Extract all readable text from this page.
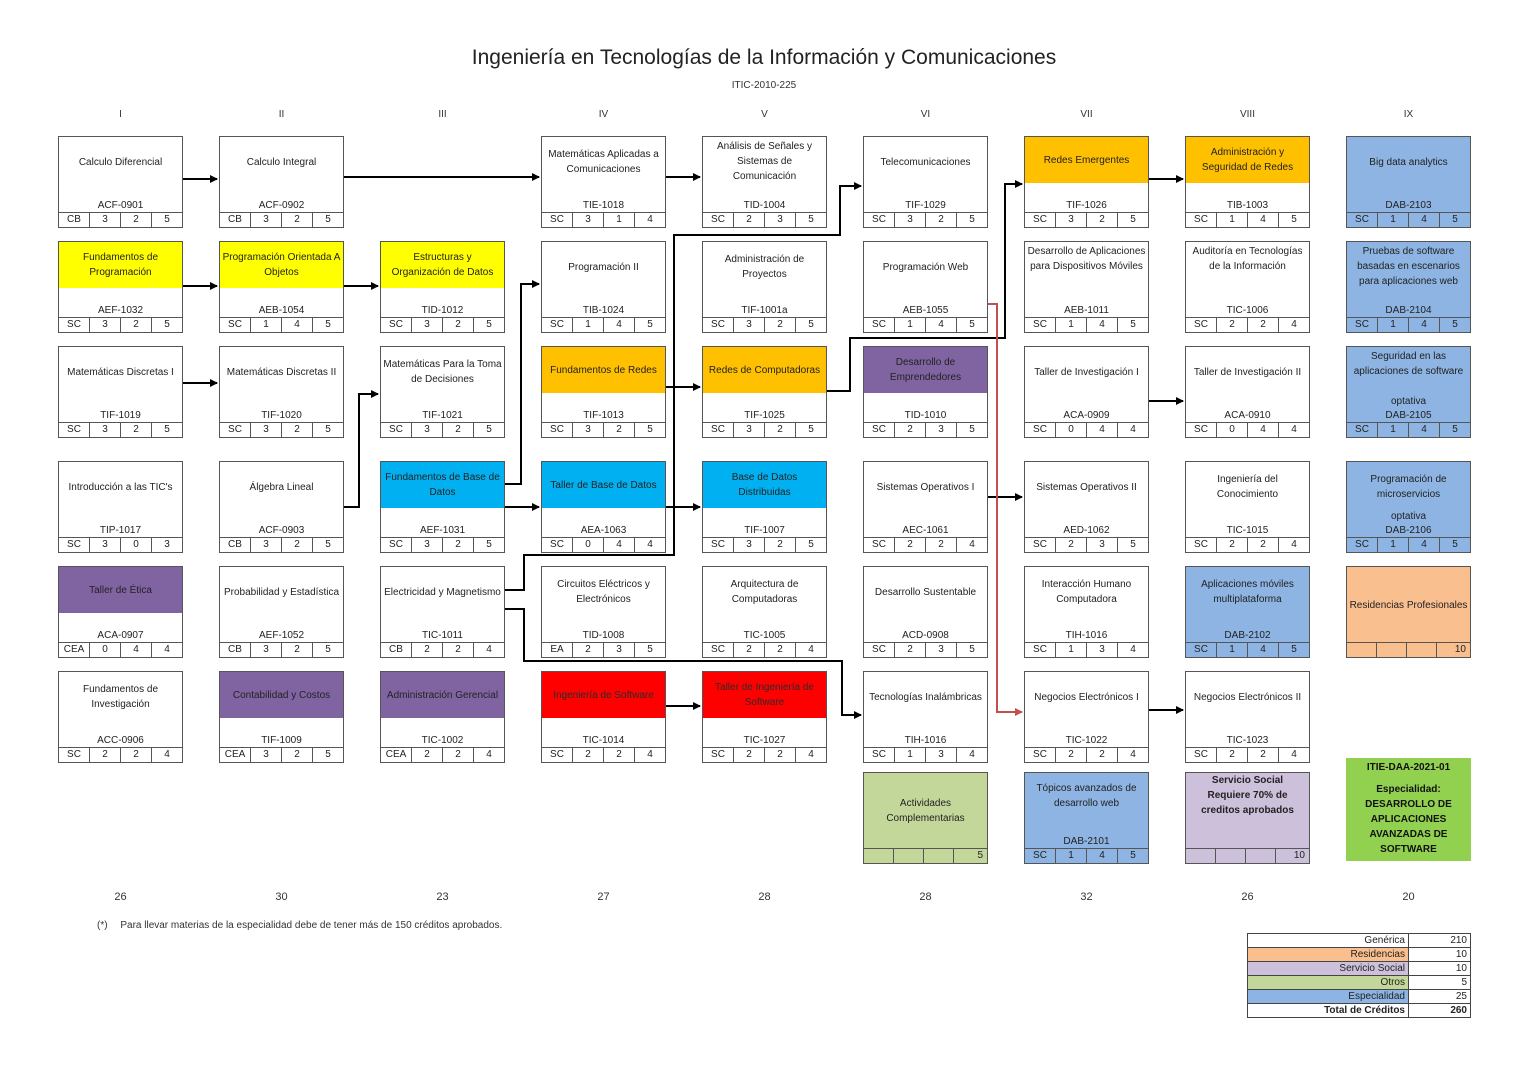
Ingeniería en Tecnologías de la Información y Comunicaciones
ITIC-2010-225
I	II	III	IV	V	VI	VII	VIII	IX
26	30	23	27	28	28	32	26	20
Calculo Diferencial
ACF-0901
CB	3	2	5
Calculo Integral
ACF-0902
CB	3	2	5
Matemáticas Aplicadas a Comunicaciones
TIE-1018
SC	3	1	4
Análisis de Señales y Sistemas de Comunicación
TID-1004
SC	2	3	5
Telecomunicaciones
TIF-1029
SC	3	2	5
Redes Emergentes
TIF-1026
SC	3	2	5
Administración y Seguridad de Redes
TIB-1003
SC	1	4	5
Big data analytics
DAB-2103
SC	1	4	5
Fundamentos de Programación
AEF-1032
SC	3	2	5
Programación Orientada A Objetos
AEB-1054
SC	1	4	5
Estructuras y Organización de Datos
TID-1012
SC	3	2	5
Programación II
TIB-1024
SC	1	4	5
Administración de Proyectos
TIF-1001a
SC	3	2	5
Programación Web
AEB-1055
SC	1	4	5
Desarrollo de Aplicaciones para Dispositivos Móviles
AEB-1011
SC	1	4	5
Auditoría en Tecnologías de la Información
TIC-1006
SC	2	2	4
Pruebas de software basadas en escenarios para aplicaciones web
DAB-2104
SC	1	4	5
Matemáticas Discretas I
TIF-1019
SC	3	2	5
Matemáticas Discretas II
TIF-1020
SC	3	2	5
Matemáticas Para la Toma de Decisiones
TIF-1021
SC	3	2	5
Fundamentos de Redes
TIF-1013
SC	3	2	5
Redes de Computadoras
TIF-1025
SC	3	2	5
Desarrollo de Emprendedores
TID-1010
SC	2	3	5
Taller de Investigación I
ACA-0909
SC	0	4	4
Taller de Investigación II
ACA-0910
SC	0	4	4
Seguridad en las aplicaciones de software
optativa
DAB-2105
SC	1	4	5
Introducción a las TIC's
TIP-1017
SC	3	0	3
Álgebra Lineal
ACF-0903
CB	3	2	5
Fundamentos de Base de Datos
AEF-1031
SC	3	2	5
Taller de Base de Datos
AEA-1063
SC	0	4	4
Base de Datos Distribuidas
TIF-1007
SC	3	2	5
Sistemas Operativos I
AEC-1061
SC	2	2	4
Sistemas Operativos II
AED-1062
SC	2	3	5
Ingeniería del Conocimiento
TIC-1015
SC	2	2	4
Programación de microservicios
optativa
DAB-2106
SC	1	4	5
Taller de Ética
ACA-0907
CEA	0	4	4
Probabilidad y Estadística
AEF-1052
CB	3	2	5
Electricidad y Magnetismo
TIC-1011
CB	2	2	4
Circuitos Eléctricos y Electrónicos
TID-1008
EA	2	3	5
Arquitectura de Computadoras
TIC-1005
SC	2	2	4
Desarrollo Sustentable
ACD-0908
SC	2	3	5
Interacción Humano Computadora
TIH-1016
SC	1	3	4
Aplicaciones móviles multiplataforma
DAB-2102
SC	1	4	5
Residencias Profesionales
10
Fundamentos de Investigación
ACC-0906
SC	2	2	4
Contabilidad y Costos
TIF-1009
CEA	3	2	5
Administración Gerencial
TIC-1002
CEA	2	2	4
Ingeniería de Software
TIC-1014
SC	2	2	4
Taller de Ingeniería de Software
TIC-1027
SC	2	2	4
Tecnologías Inalámbricas
TIH-1016
SC	1	3	4
Negocios Electrónicos I
TIC-1022
SC	2	2	4
Negocios Electrónicos II
TIC-1023
SC	2	2	4
Actividades Complementarias
5
Tópicos avanzados de desarrollo web
DAB-2101
SC	1	4	5
Servicio Social Requiere 70% de creditos aprobados
10
ITIE-DAA-2021-01
Especialidad:
DESARROLLO DE APLICACIONES AVANZADAS DE SOFTWARE
(*) Para llevar materias de la especialidad debe de tener más de 150 créditos aprobados.
Genérica	210
Residencias	10
Servicio Social	10
Otros	5
Especialidad	25
Total de Créditos	260
